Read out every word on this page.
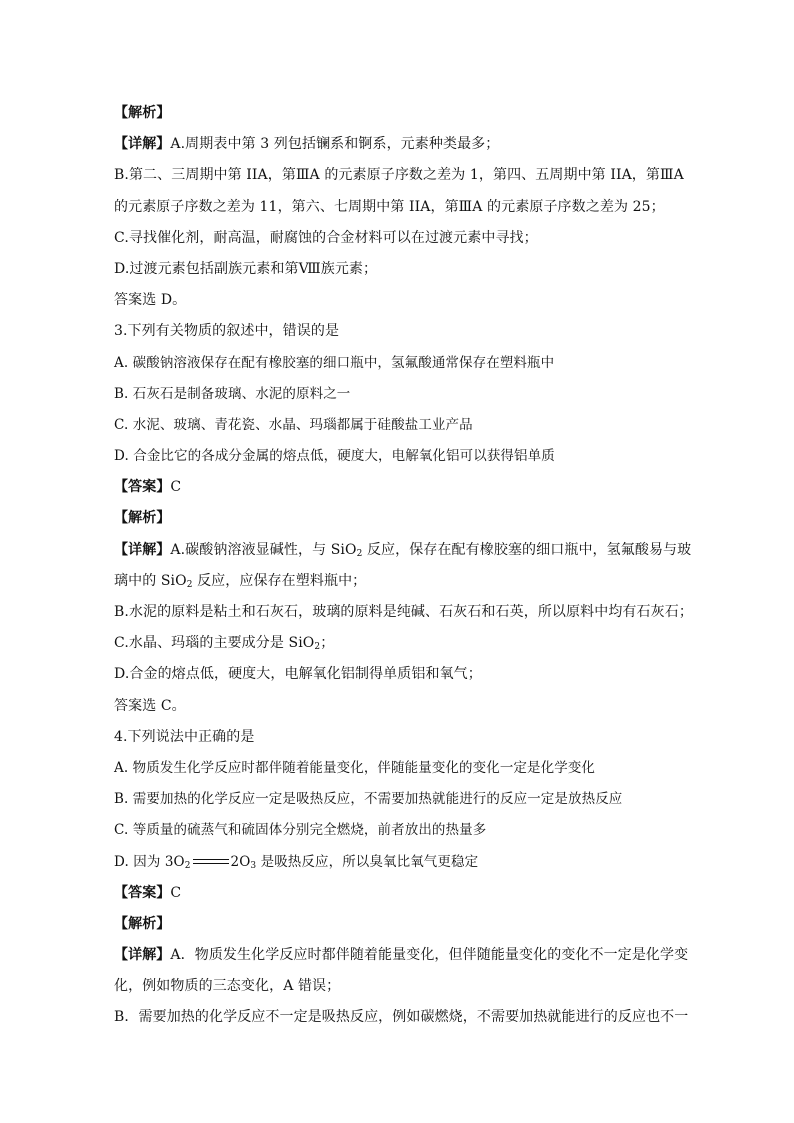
【解析】
【详解】A.周期表中第 3 列包括镧系和锕系，元素种类最多；
B.第二、三周期中第 IIA，第ⅢA 的元素原子序数之差为 1，第四、五周期中第 IIA，第ⅢA
的元素原子序数之差为 11，第六、七周期中第 IIA，第ⅢA 的元素原子序数之差为 25；
C.寻找催化剂，耐高温，耐腐蚀的合金材料可以在过渡元素中寻找；
D.过渡元素包括副族元素和第Ⅷ族元素；
答案选 D。
3.下列有关物质的叙述中，错误的是
A. 碳酸钠溶液保存在配有橡胶塞的细口瓶中，氢氟酸通常保存在塑料瓶中
B. 石灰石是制备玻璃、水泥的原料之一
C. 水泥、玻璃、青花瓷、水晶、玛瑙都属于硅酸盐工业产品
D. 合金比它的各成分金属的熔点低，硬度大，电解氧化铝可以获得铝单质
【答案】C
【解析】
【详解】A.碳酸钠溶液显碱性，与 SiO$_2$ 反应，保存在配有橡胶塞的细口瓶中，氢氟酸易与玻
璃中的 SiO$_2$ 反应，应保存在塑料瓶中；
B.水泥的原料是粘土和石灰石，玻璃的原料是纯碱、石灰石和石英，所以原料中均有石灰石；
C.水晶、玛瑙的主要成分是 SiO$_2$；
D.合金的熔点低，硬度大，电解氧化铝制得单质铝和氧气；
答案选 C。
4.下列说法中正确的是
A. 物质发生化学反应时都伴随着能量变化，伴随能量变化的变化一定是化学变化
B. 需要加热的化学反应一定是吸热反应，不需要加热就能进行的反应一定是放热反应
C. 等质量的硫蒸气和硫固体分别完全燃烧，前者放出的热量多
D. 因为 $3O_2$	$2O_3$ 是吸热反应，所以臭氧比氧气更稳定
【答案】C
【解析】
【详解】A．物质发生化学反应时都伴随着能量变化，但伴随能量变化的变化不一定是化学变
化，例如物质的三态变化，A 错误；
B．需要加热的化学反应不一定是吸热反应，例如碳燃烧，不需要加热就能进行的反应也不一
